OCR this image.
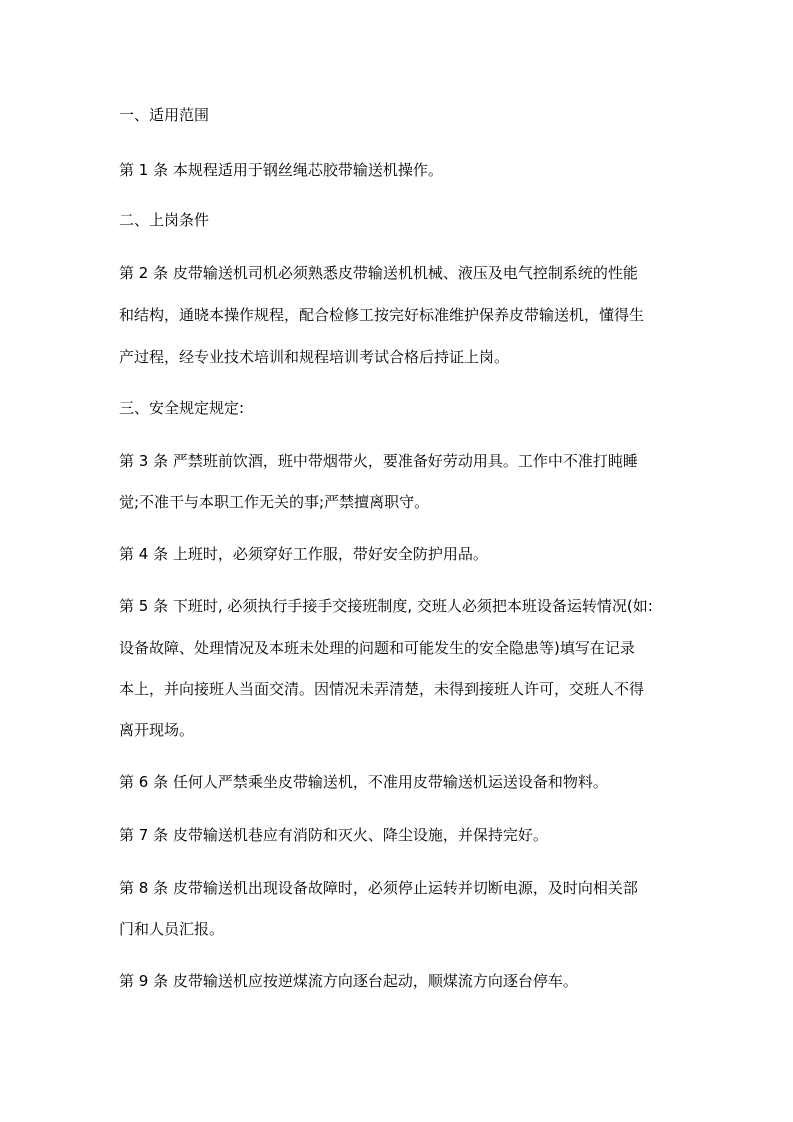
一、适用范围

第 1 条 本规程适用于钢丝绳芯胶带输送机操作。

二、上岗条件

第 2 条 皮带输送机司机必须熟悉皮带输送机机械、液压及电气控制系统的性能

和结构，通晓本操作规程，配合检修工按完好标准维护保养皮带输送机，懂得生

产过程，经专业技术培训和规程培训考试合格后持证上岗。

三、安全规定规定:

第 3 条 严禁班前饮酒，班中带烟带火，要准备好劳动用具。工作中不准打盹睡

觉;不准干与本职工作无关的事;严禁擅离职守。

第 4 条 上班时，必须穿好工作服，带好安全防护用品。

第 5 条 下班时, 必须执行手接手交接班制度, 交班人必须把本班设备运转情况(如:

设备故障、处理情况及本班未处理的问题和可能发生的安全隐患等)填写在记录

本上，并向接班人当面交清。因情况未弄清楚，未得到接班人许可，交班人不得

离开现场。

第 6 条 任何人严禁乘坐皮带输送机，不准用皮带输送机运送设备和物料。

第 7 条 皮带输送机巷应有消防和灭火、降尘设施，并保持完好。

第 8 条 皮带输送机出现设备故障时，必须停止运转并切断电源，及时向相关部

门和人员汇报。

第 9 条 皮带输送机应按逆煤流方向逐台起动，顺煤流方向逐台停车。
